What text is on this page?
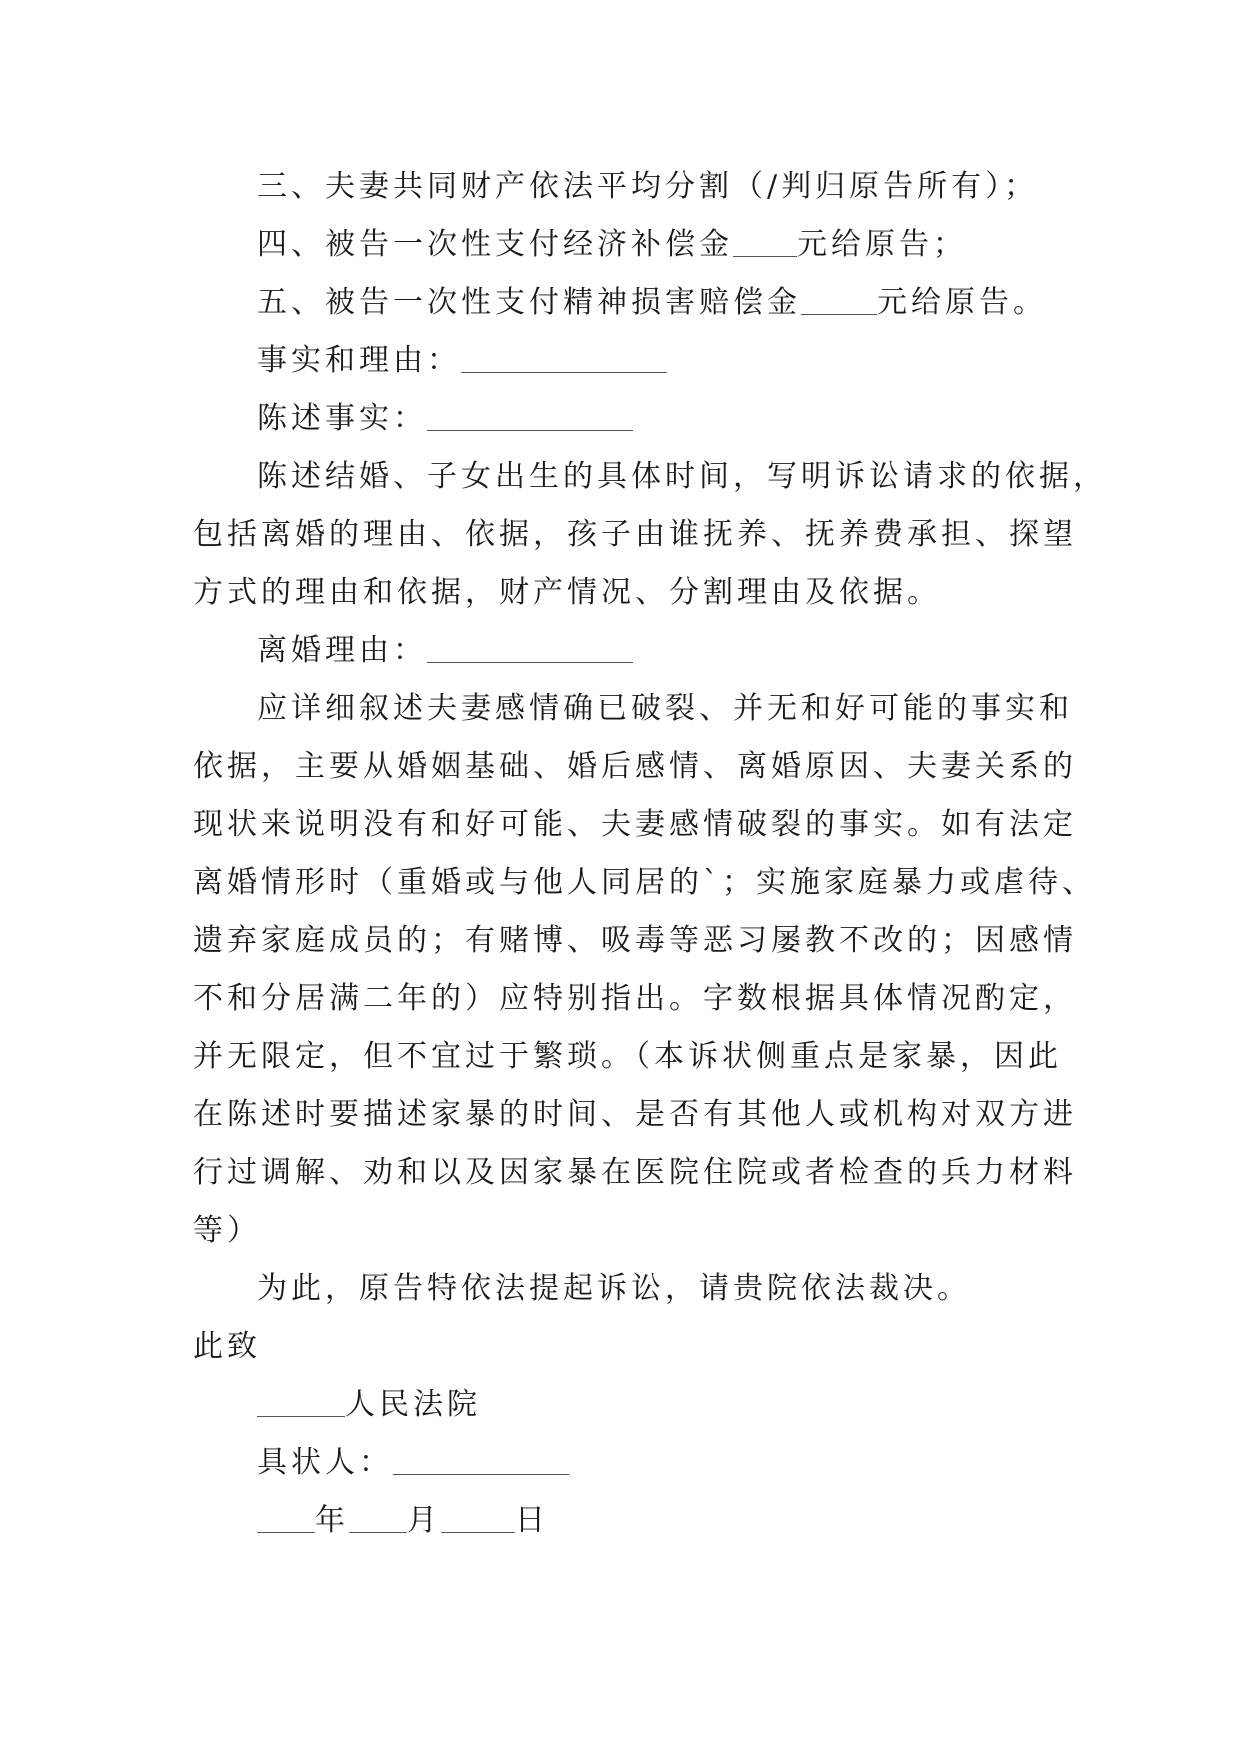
三、夫妻共同财产依法平均分割（/判归原告所有）；
四、被告一次性支付经济补偿金 元给原告；
五、被告一次性支付精神损害赔偿金	元给原告。
事实和理由：
陈述事实：
陈述结婚、子女出生的具体时间，写明诉讼请求的依据，
包括离婚的理由、依据，孩子由谁抚养、抚养费承担、探望
方式的理由和依据，财产情况、分割理由及依据。
离婚理由：
应详细叙述夫妻感情确已破裂、并无和好可能的事实和
依据，主要从婚姻基础、婚后感情、离婚原因、夫妻关系的
现状来说明没有和好可能、夫妻感情破裂的事实。如有法定
离婚情形时（重婚或与他人同居的`；实施家庭暴力或虐待、
遗弃家庭成员的；有赌博、吸毒等恶习屡教不改的；因感情
不和分居满二年的）应特别指出。字数根据具体情况酌定，
并无限定，但不宜过于繁琐。（本诉状侧重点是家暴，因此
在陈述时要描述家暴的时间、是否有其他人或机构对双方进
行过调解、劝和以及因家暴在医院住院或者检查的兵力材料
等）
为此，原告特依法提起诉讼，请贵院依法裁决。
此致
人民法院
具状人：
年 月 日
